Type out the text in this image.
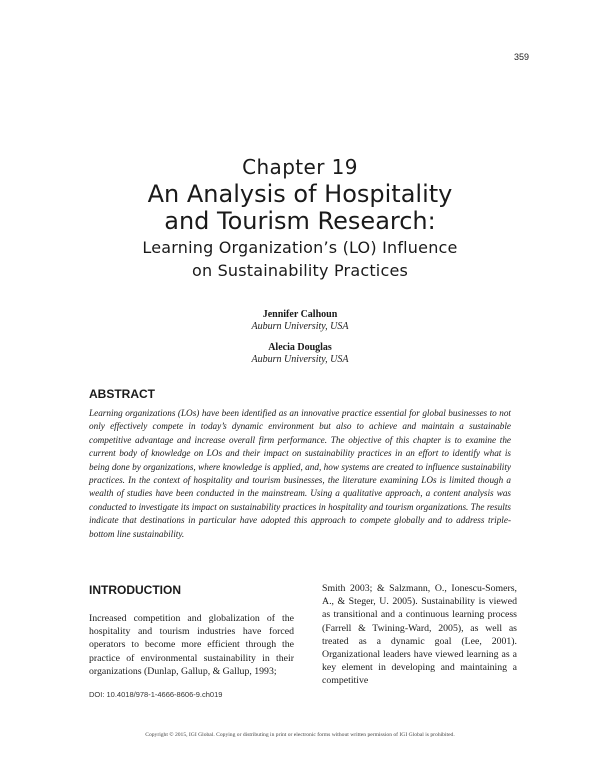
359
Chapter 19
An Analysis of Hospitality
and Tourism Research:
Learning Organization’s (LO) Influence
on Sustainability Practices
Jennifer Calhoun
Auburn University, USA
Alecia Douglas
Auburn University, USA
ABSTRACT
Learning organizations (LOs) have been identified as an innovative practice essential for global businesses to not only effectively compete in today’s dynamic environment but also to achieve and maintain a sustainable competitive advantage and increase overall firm performance. The objective of this chapter is to examine the current body of knowledge on LOs and their impact on sustainability practices in an effort to identify what is being done by organizations, where knowledge is applied, and, how systems are created to influence sustainability practices. In the context of hospitality and tourism businesses, the literature examining LOs is limited though a wealth of studies have been conducted in the mainstream. Using a qualitative approach, a content analysis was conducted to investigate its impact on sustainability practices in hospitality and tourism organizations. The results indicate that destinations in particular have adopted this approach to compete globally and to address triple-bottom line sustainability.
INTRODUCTION
Increased competition and globalization of the hospitality and tourism industries have forced operators to become more efficient through the practice of environmental sustainability in their organizations (Dunlap, Gallup, & Gallup, 1993;
Smith 2003; & Salzmann, O., Ionescu-Somers, A., & Steger, U. 2005). Sustainability is viewed as transitional and a continuous learning process (Farrell & Twining-Ward, 2005), as well as treated as a dynamic goal (Lee, 2001). Organizational leaders have viewed learning as a key element in developing and maintaining a competitive
DOI: 10.4018/978-1-4666-8606-9.ch019
Copyright © 2015, IGI Global. Copying or distributing in print or electronic forms without written permission of IGI Global is prohibited.
